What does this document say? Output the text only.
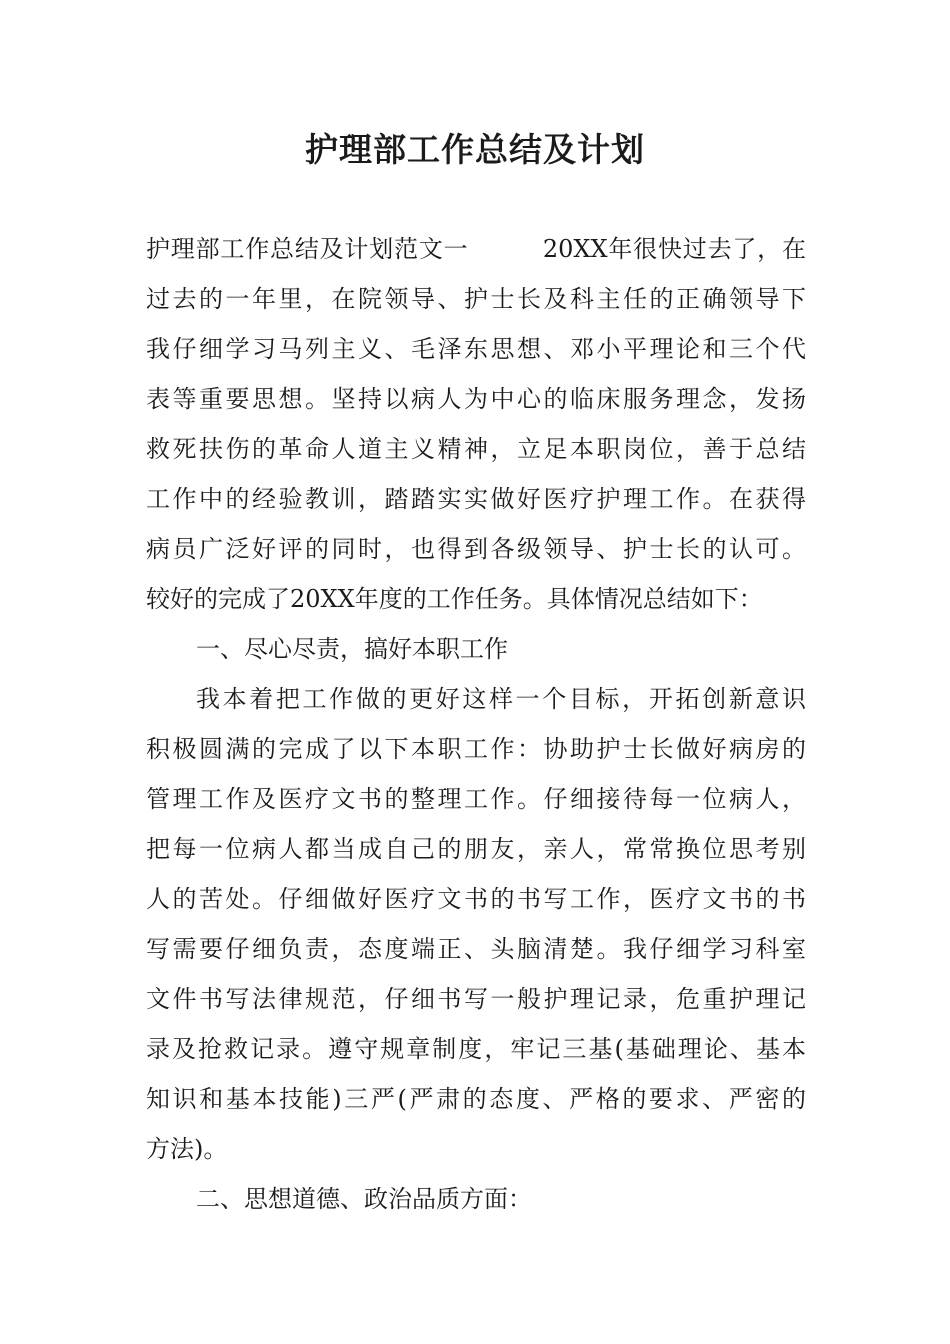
护理部工作总结及计划
护理部工作总结及计划范文一　　　20XX年很快过去了，在
过去的一年里，在院领导、护士长及科主任的正确领导下
我仔细学习马列主义、毛泽东思想、邓小平理论和三个代
表等重要思想。坚持以病人为中心的临床服务理念，发扬
救死扶伤的革命人道主义精神，立足本职岗位，善于总结
工作中的经验教训，踏踏实实做好医疗护理工作。在获得
病员广泛好评的同时，也得到各级领导、护士长的认可。
较好的完成了20XX年度的工作任务。具体情况总结如下：
一、尽心尽责，搞好本职工作
我本着把工作做的更好这样一个目标，开拓创新意识
积极圆满的完成了以下本职工作：协助护士长做好病房的
管理工作及医疗文书的整理工作。仔细接待每一位病人，
把每一位病人都当成自己的朋友，亲人，常常换位思考别
人的苦处。仔细做好医疗文书的书写工作，医疗文书的书
写需要仔细负责，态度端正、头脑清楚。我仔细学习科室
文件书写法律规范，仔细书写一般护理记录，危重护理记
录及抢救记录。遵守规章制度，牢记三基(基础理论、基本
知识和基本技能)三严(严肃的态度、严格的要求、严密的
方法)。
二、思想道德、政治品质方面：
